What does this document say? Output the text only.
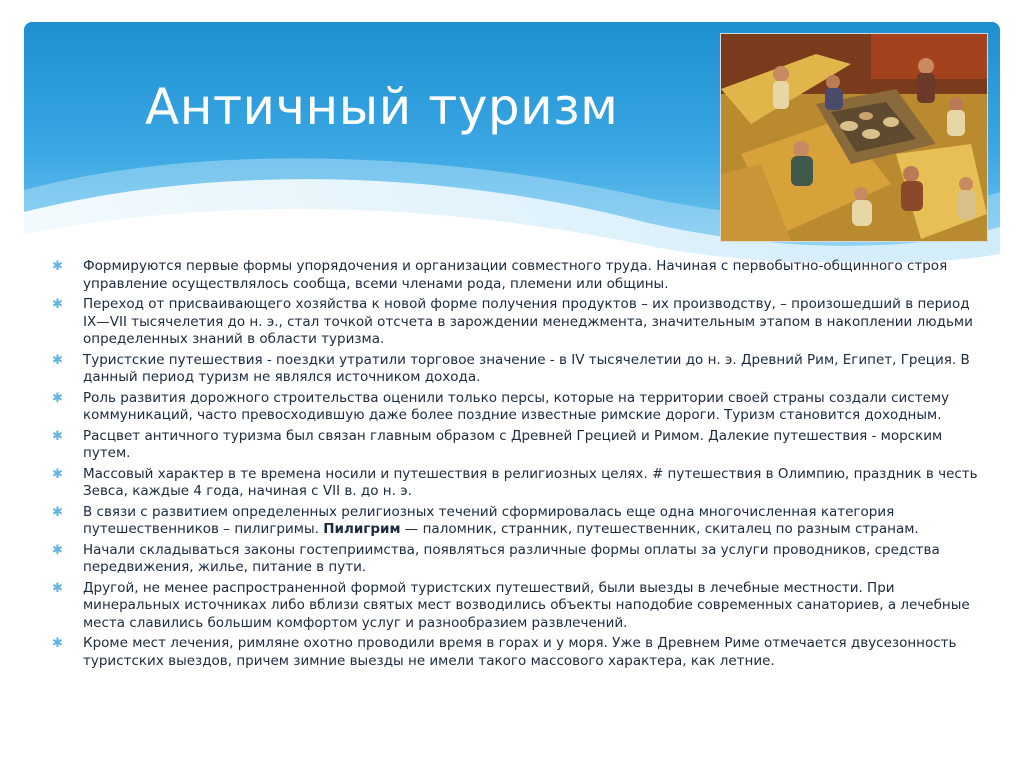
Античный туризм
✱ Формируются первые формы упорядочения и организации совместного труда. Начиная с первобытно-общинного строя управление осуществлялось сообща, всеми членами рода, племени или общины.
✱ Переход от присваивающего хозяйства к новой форме получения продуктов – их производству, – произошедший в период IX—VII тысячелетия до н. э., стал точкой отсчета в зарождении менеджмента, значительным этапом в накоплении людьми определенных знаний в области туризма.
✱ Туристские путешествия - поездки утратили торговое значение - в IV тысячелетии до н. э. Древний Рим, Египет, Греция. В данный период туризм не являлся источником дохода.
✱ Роль развития дорожного строительства оценили только персы, которые на территории своей страны создали систему коммуникаций, часто превосходившую даже более поздние известные римские дороги. Туризм становится доходным.
✱ Расцвет античного туризма был связан главным образом с Древней Грецией и Римом. Далекие путешествия - морским путем.
✱ Массовый характер в те времена носили и путешествия в религиозных целях. # путешествия в Олимпию, праздник в честь Зевса, каждые 4 года, начиная с VII в. до н. э.
✱ В связи с развитием определенных религиозных течений сформировалась еще одна многочисленная категория путешественников – пилигримы. Пилигрим — паломник, странник, путешественник, скиталец по разным странам.
✱ Начали складываться законы гостеприимства, появляться различные формы оплаты за услуги проводников, средства передвижения, жилье, питание в пути.
✱ Другой, не менее распространенной формой туристских путешествий, были выезды в лечебные местности. При минеральных источниках либо вблизи святых мест возводились объекты наподобие современных санаториев, а лечебные места славились большим комфортом услуг и разнообразием развлечений.
✱ Кроме мест лечения, римляне охотно проводили время в горах и у моря. Уже в Древнем Риме отмечается двусезонность туристских выездов, причем зимние выезды не имели такого массового характера, как летние.
